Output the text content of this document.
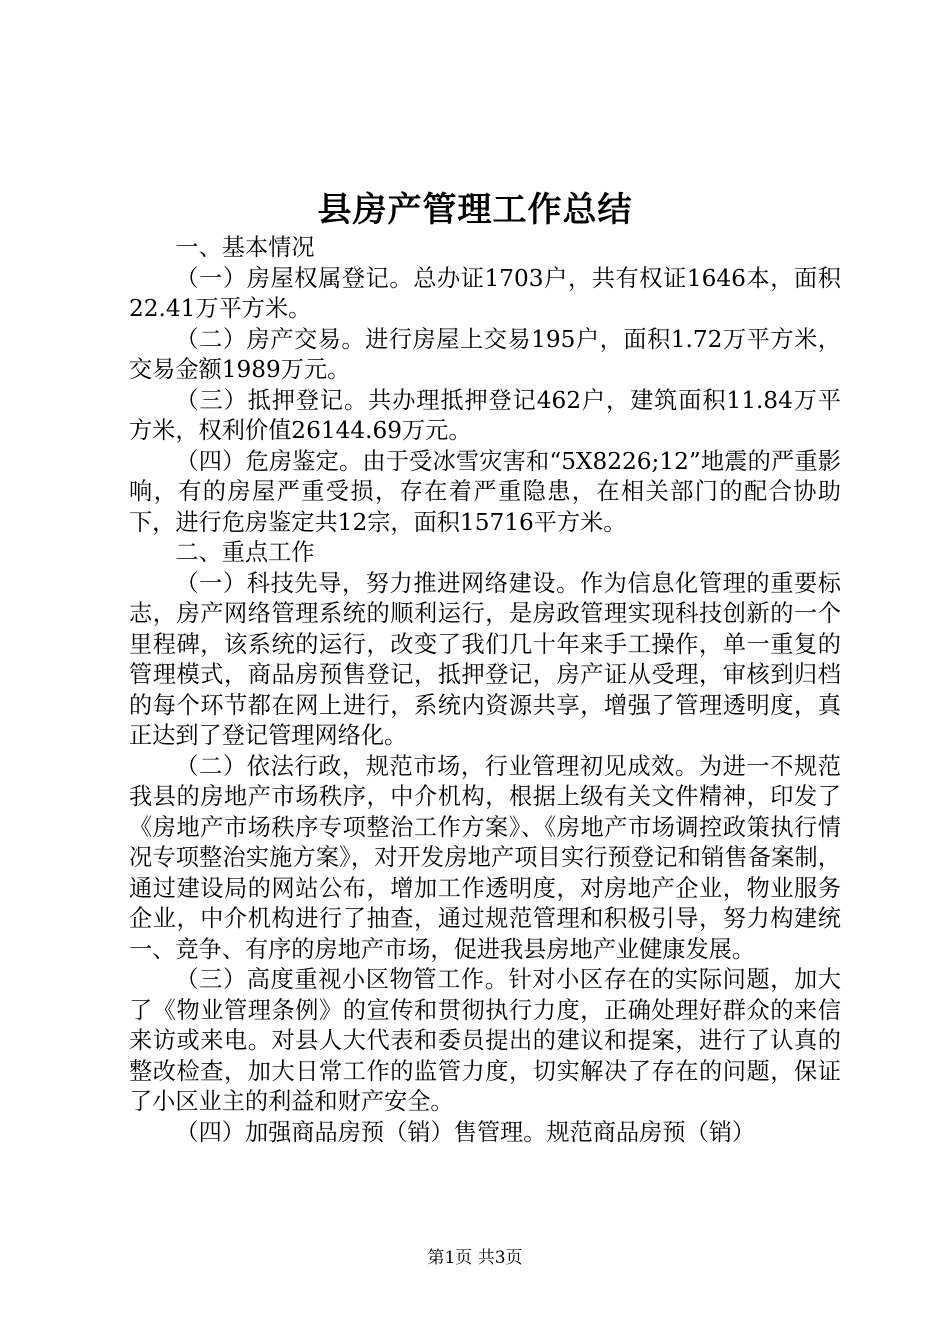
县房产管理工作总结

一、基本情况

（一）房屋权属登记。总办证1703户，共有权证1646本，面积22.41万平方米。

（二）房产交易。进行房屋上交易195户，面积1.72万平方米，交易金额1989万元。

（三）抵押登记。共办理抵押登记462户，建筑面积11.84万平方米，权利价值26144.69万元。

（四）危房鉴定。由于受冰雪灾害和“5X8226;12”地震的严重影响，有的房屋严重受损，存在着严重隐患，在相关部门的配合协助下，进行危房鉴定共12宗，面积15716平方米。

二、重点工作

（一）科技先导，努力推进网络建设。作为信息化管理的重要标志，房产网络管理系统的顺利运行，是房政管理实现科技创新的一个里程碑，该系统的运行，改变了我们几十年来手工操作，单一重复的管理模式，商品房预售登记，抵押登记，房产证从受理，审核到归档的每个环节都在网上进行，系统内资源共享，增强了管理透明度，真正达到了登记管理网络化。

（二）依法行政，规范市场，行业管理初见成效。为进一不规范我县的房地产市场秩序，中介机构，根据上级有关文件精神，印发了《房地产市场秩序专项整治工作方案》、《房地产市场调控政策执行情况专项整治实施方案》，对开发房地产项目实行预登记和销售备案制，通过建设局的网站公布，增加工作透明度，对房地产企业，物业服务企业，中介机构进行了抽查，通过规范管理和积极引导，努力构建统一、竞争、有序的房地产市场，促进我县房地产业健康发展。

（三）高度重视小区物管工作。针对小区存在的实际问题，加大了《物业管理条例》的宣传和贯彻执行力度，正确处理好群众的来信来访或来电。对县人大代表和委员提出的建议和提案，进行了认真的整改检查，加大日常工作的监管力度，切实解决了存在的问题，保证了小区业主的利益和财产安全。

（四）加强商品房预（销）售管理。规范商品房预（销）

第1页 共3页
